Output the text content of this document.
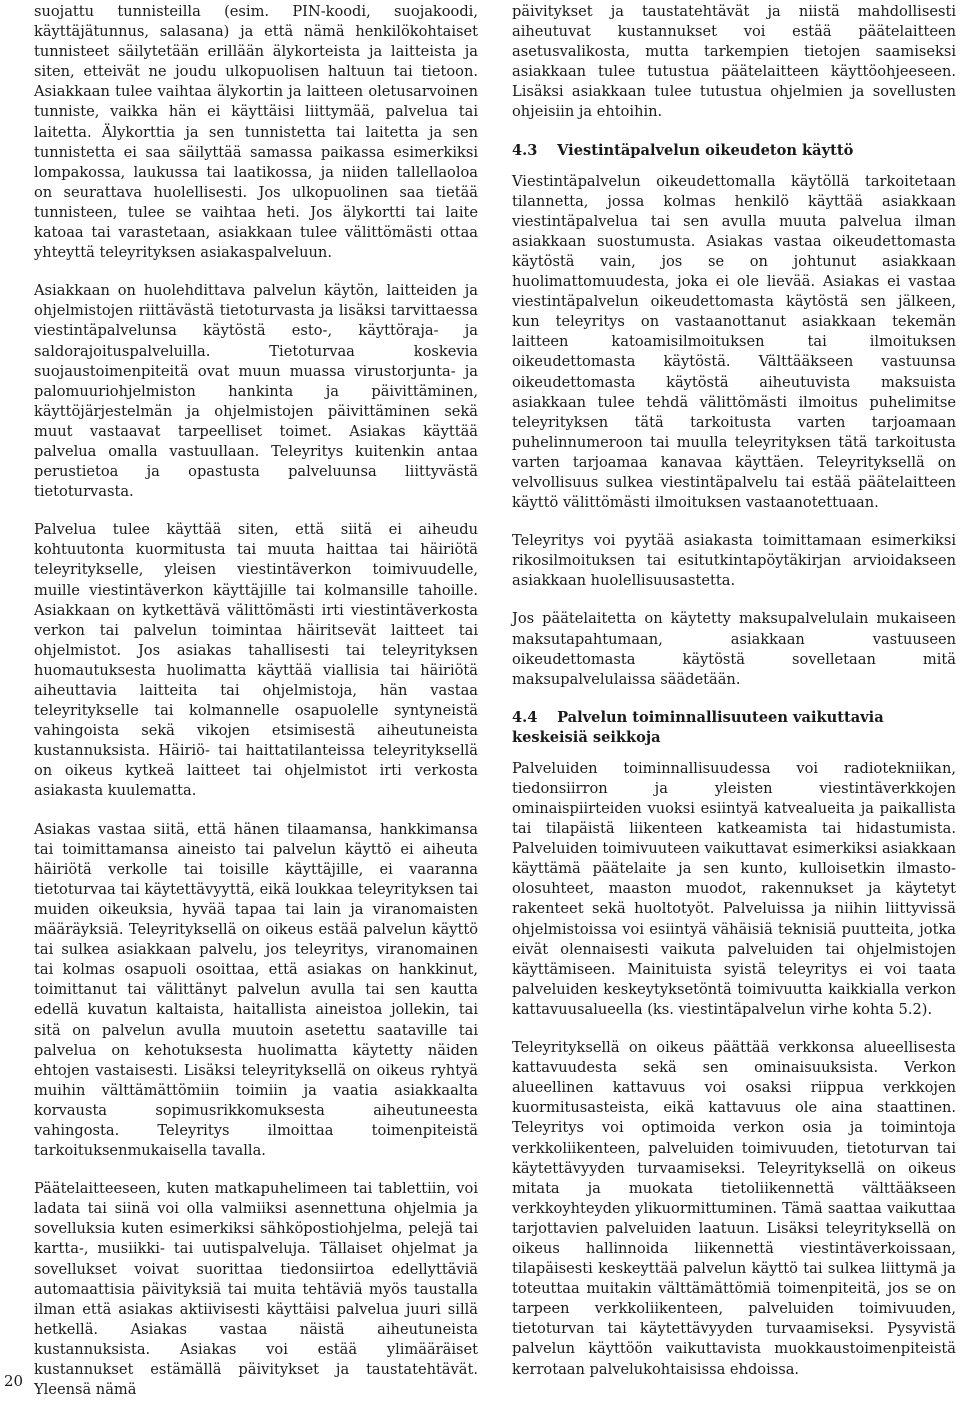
suojattu tunnisteilla (esim. PIN-koodi, suojakoodi, käyttäjätunnus, salasana) ja että nämä henkilökohtaiset tunnisteet säilytetään erillään älykorteista ja laitteista ja siten, etteivät ne joudu ulkopuolisen haltuun tai tietoon. Asiakkaan tulee vaihtaa älykortin ja laitteen oletusarvoinen tunniste, vaikka hän ei käyttäisi liittymää, palvelua tai laitetta. Älykorttia ja sen tunnistetta tai laitetta ja sen tunnistetta ei saa säilyttää samassa paikassa esimerkiksi lompakossa, laukussa tai laatikossa, ja niiden tallellaoloa on seurattava huolellisesti. Jos ulkopuolinen saa tietää tunnisteen, tulee se vaihtaa heti. Jos älykortti tai laite katoaa tai varastetaan, asiakkaan tulee välittömästi ottaa yhteyttä teleyrityksen asiakaspalveluun.

Asiakkaan on huolehdittava palvelun käytön, laitteiden ja ohjelmistojen riittävästä tietoturvasta ja lisäksi tarvittaessa viestintäpalvelunsa käytöstä esto-, käyttöraja- ja saldorajoituspalveluilla. Tietoturvaa koskevia suojaustoimenpiteitä ovat muun muassa virustorjunta- ja palomuuriohjelmiston hankinta ja päivittäminen, käyttöjärjestelmän ja ohjelmistojen päivittäminen sekä muut vastaavat tarpeelliset toimet. Asiakas käyttää palvelua omalla vastuullaan. Teleyritys kuitenkin antaa perustietoa ja opastusta palveluunsa liittyvästä tietoturvasta.

Palvelua tulee käyttää siten, että siitä ei aiheudu kohtuutonta kuormitusta tai muuta haittaa tai häiriötä teleyritykselle, yleisen viestintäverkon toimivuudelle, muille viestintäverkon käyttäjille tai kolmansille tahoille. Asiakkaan on kytkettävä välittömästi irti viestintäverkosta verkon tai palvelun toimintaa häiritsevät laitteet tai ohjelmistot. Jos asiakas tahallisesti tai teleyrityksen huomautuksesta huolimatta käyttää viallisia tai häiriötä aiheuttavia laitteita tai ohjelmistoja, hän vastaa teleyritykselle tai kolmannelle osapuolelle syntyneistä vahingoista sekä vikojen etsimisestä aiheutuneista kustannuksista. Häiriö- tai haittatilanteissa teleyrityksellä on oikeus kytkeä laitteet tai ohjelmistot irti verkosta asiakasta kuulematta.

Asiakas vastaa siitä, että hänen tilaamansa, hankkimansa tai toimittamansa aineisto tai palvelun käyttö ei aiheuta häiriötä verkolle tai toisille käyttäjille, ei vaaranna tietoturvaa tai käytettävyyttä, eikä loukkaa teleyrityksen tai muiden oikeuksia, hyvää tapaa tai lain ja viranomaisten määräyksiä. Teleyrityksellä on oikeus estää palvelun käyttö tai sulkea asiakkaan palvelu, jos teleyritys, viranomainen tai kolmas osapuoli osoittaa, että asiakas on hankkinut, toimittanut tai välittänyt palvelun avulla tai sen kautta edellä kuvatun kaltaista, haitallista aineistoa jollekin, tai sitä on palvelun avulla muutoin asetettu saataville tai palvelua on kehotuksesta huolimatta käytetty näiden ehtojen vastaisesti. Lisäksi teleyrityksellä on oikeus ryhtyä muihin välttämättömiin toimiin ja vaatia asiakkaalta korvausta sopimusrikkomuksesta aiheutuneesta vahingosta. Teleyritys ilmoittaa toimenpiteistä tarkoituksenmukaisella tavalla.

Päätelaitteeseen, kuten matkapuhelimeen tai tablettiin, voi ladata tai siinä voi olla valmiiksi asennettuna ohjelmia ja sovelluksia kuten esimerkiksi sähköpostiohjelma, pelejä tai kartta-, musiikki- tai uutispalveluja. Tällaiset ohjelmat ja sovellukset voivat suorittaa tiedonsiirtoa edellyttäviä automaattisia päivityksiä tai muita tehtäviä myös taustalla ilman että asiakas aktiivisesti käyttäisi palvelua juuri sillä hetkellä. Asiakas vastaa näistä aiheutuneista kustannuksista. Asiakas voi estää ylimääräiset kustannukset estämällä päivitykset ja taustatehtävät. Yleensä nämä

päivitykset ja taustatehtävät ja niistä mahdollisesti aiheutuvat kustannukset voi estää päätelaitteen asetusvalikosta, mutta tarkempien tietojen saamiseksi asiakkaan tulee tutustua päätelaitteen käyttöohjeeseen. Lisäksi asiakkaan tulee tutustua ohjelmien ja sovellusten ohjeisiin ja ehtoihin.

4.3 Viestintäpalvelun oikeudeton käyttö

Viestintäpalvelun oikeudettomalla käytöllä tarkoitetaan tilannetta, jossa kolmas henkilö käyttää asiakkaan viestintäpalvelua tai sen avulla muuta palvelua ilman asiakkaan suostumusta. Asiakas vastaa oikeudettomasta käytöstä vain, jos se on johtunut asiakkaan huolimattomuudesta, joka ei ole lievää. Asiakas ei vastaa viestintäpalvelun oikeudettomasta käytöstä sen jälkeen, kun teleyritys on vastaanottanut asiakkaan tekemän laitteen katoamisilmoituksen tai ilmoituksen oikeudettomasta käytöstä. Välttääkseen vastuunsa oikeudettomasta käytöstä aiheutuvista maksuista asiakkaan tulee tehdä välittömästi ilmoitus puhelimitse teleyrityksen tätä tarkoitusta varten tarjoamaan puhelinnumeroon tai muulla teleyrityksen tätä tarkoitusta varten tarjoamaa kanavaa käyttäen. Teleyrityksellä on velvollisuus sulkea viestintäpalvelu tai estää päätelaitteen käyttö välittömästi ilmoituksen vastaanotettuaan.

Teleyritys voi pyytää asiakasta toimittamaan esimerkiksi rikosilmoituksen tai esitutkintapöytäkirjan arvioidakseen asiakkaan huolellisuusastetta.

Jos päätelaitetta on käytetty maksupalvelulain mukaiseen maksutapahtumaan, asiakkaan vastuuseen oikeudettomasta käytöstä sovelletaan mitä maksupalvelulaissa säädetään.

4.4 Palvelun toiminnallisuuteen vaikuttavia keskeisiä seikkoja

Palveluiden toiminnallisuudessa voi radiotekniikan, tiedonsiirron ja yleisten viestintäverkkojen ominaispiirteiden vuoksi esiintyä katvealueita ja paikallista tai tilapäistä liikenteen katkeamista tai hidastumista. Palveluiden toimivuuteen vaikuttavat esimerkiksi asiakkaan käyttämä päätelaite ja sen kunto, kulloisetkin ilmasto-olosuhteet, maaston muodot, rakennukset ja käytetyt rakenteet sekä huoltotyöt. Palveluissa ja niihin liittyvissä ohjelmistoissa voi esiintyä vähäisiä teknisiä puutteita, jotka eivät olennaisesti vaikuta palveluiden tai ohjelmistojen käyttämiseen. Mainituista syistä teleyritys ei voi taata palveluiden keskeytyksetöntä toimivuutta kaikkialla verkon kattavuusalueella (ks. viestintäpalvelun virhe kohta 5.2).

Teleyrityksellä on oikeus päättää verkkonsa alueellisesta kattavuudesta sekä sen ominaisuuksista. Verkon alueellinen kattavuus voi osaksi riippua verkkojen kuormitusasteista, eikä kattavuus ole aina staattinen. Teleyritys voi optimoida verkon osia ja toimintoja verkkoliikenteen, palveluiden toimivuuden, tietoturvan tai käytettävyyden turvaamiseksi. Teleyrityksellä on oikeus mitata ja muokata tietoliikennettä välttääkseen verkkoyhteyden ylikuormittuminen. Tämä saattaa vaikuttaa tarjottavien palveluiden laatuun. Lisäksi teleyrityksellä on oikeus hallinnoida liikennettä viestintäverkoissaan, tilapäisesti keskeyttää palvelun käyttö tai sulkea liittymä ja toteuttaa muitakin välttämättömiä toimenpiteitä, jos se on tarpeen verkkoliikenteen, palveluiden toimivuuden, tietoturvan tai käytettävyyden turvaamiseksi. Pysyvistä palvelun käyttöön vaikuttavista muokkaustoimenpiteistä kerrotaan palvelukohtaisissa ehdoissa.

20
